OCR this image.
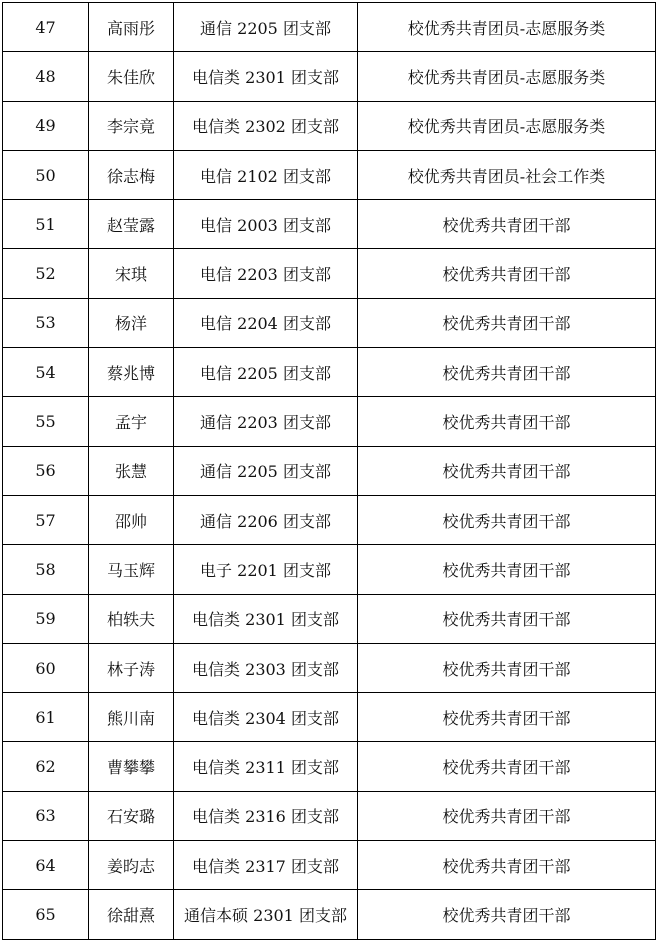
47	高雨彤	通信 2205 团支部	校优秀共青团员-志愿服务类
48	朱佳欣	电信类 2301 团支部	校优秀共青团员-志愿服务类
49	李宗竟	电信类 2302 团支部	校优秀共青团员-志愿服务类
50	徐志梅	电信 2102 团支部	校优秀共青团员-社会工作类
51	赵莹露	电信 2003 团支部	校优秀共青团干部
52	宋琪	电信 2203 团支部	校优秀共青团干部
53	杨洋	电信 2204 团支部	校优秀共青团干部
54	蔡兆博	电信 2205 团支部	校优秀共青团干部
55	孟宇	通信 2203 团支部	校优秀共青团干部
56	张慧	通信 2205 团支部	校优秀共青团干部
57	邵帅	通信 2206 团支部	校优秀共青团干部
58	马玉辉	电子 2201 团支部	校优秀共青团干部
59	柏轶夫	电信类 2301 团支部	校优秀共青团干部
60	林子涛	电信类 2303 团支部	校优秀共青团干部
61	熊川南	电信类 2304 团支部	校优秀共青团干部
62	曹攀攀	电信类 2311 团支部	校优秀共青团干部
63	石安璐	电信类 2316 团支部	校优秀共青团干部
64	姜昀志	电信类 2317 团支部	校优秀共青团干部
65	徐甜熹	通信本硕 2301 团支部	校优秀共青团干部
